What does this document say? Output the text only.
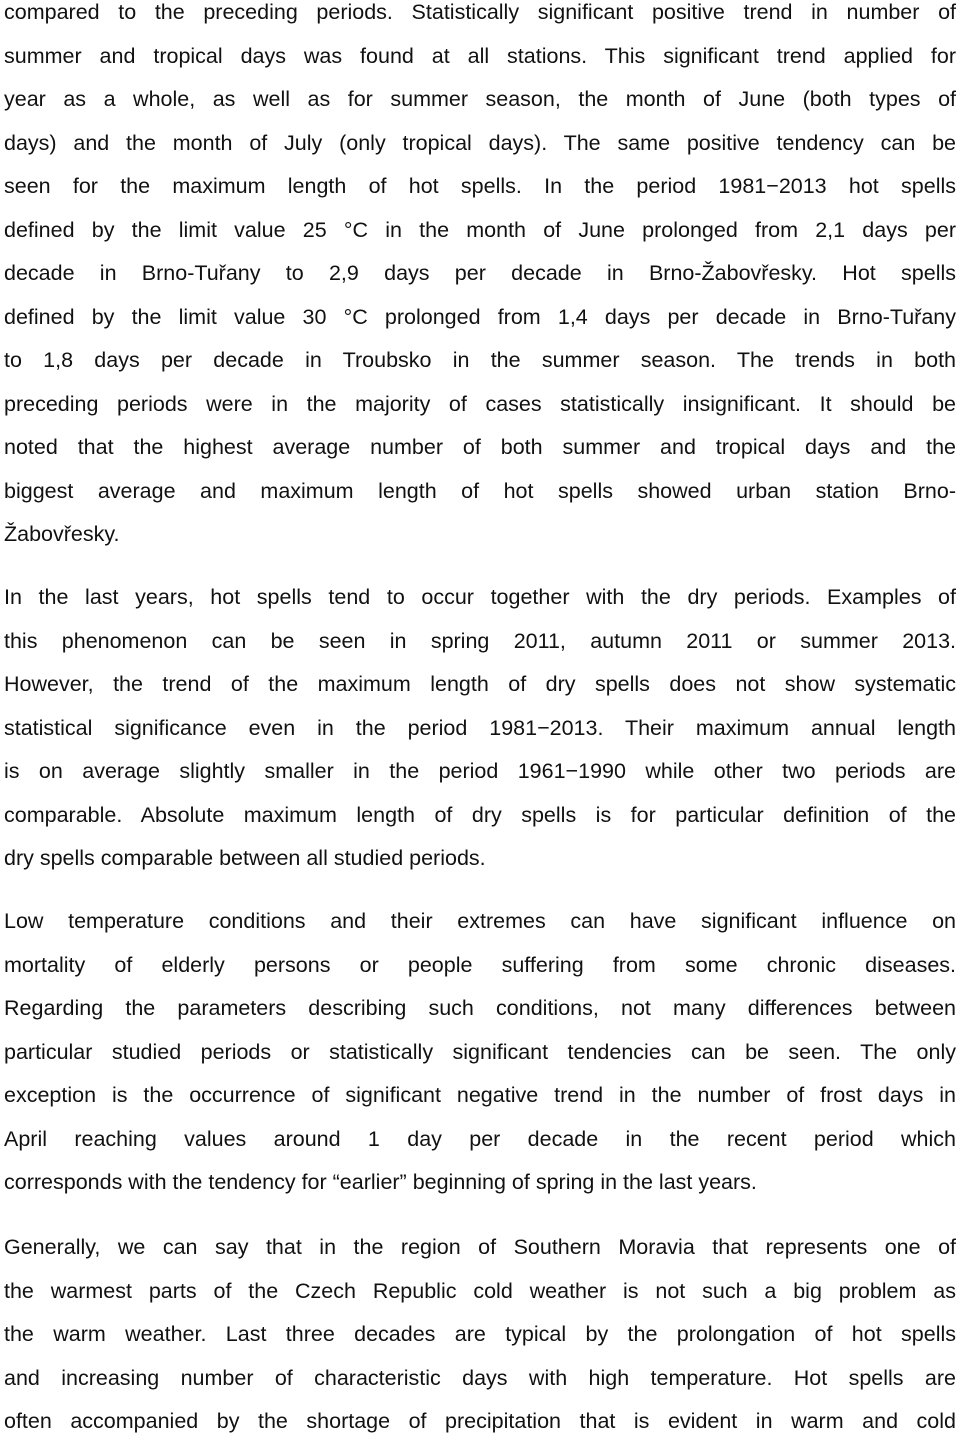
compared to the preceding periods. Statistically significant positive trend in number of
summer and tropical days was found at all stations. This significant trend applied for
year as a whole, as well as for summer season, the month of June (both types of
days) and the month of July (only tropical days). The same positive tendency can be
seen for the maximum length of hot spells. In the period 1981−2013 hot spells
defined by the limit value 25 °C in the month of June prolonged from 2,1 days per
decade in Brno-Tuřany to 2,9 days per decade in Brno-Žabovřesky. Hot spells
defined by the limit value 30 °C prolonged from 1,4 days per decade in Brno-Tuřany
to 1,8 days per decade in Troubsko in the summer season. The trends in both
preceding periods were in the majority of cases statistically insignificant. It should be
noted that the highest average number of both summer and tropical days and the
biggest average and maximum length of hot spells showed urban station Brno-
Žabovřesky.
In the last years, hot spells tend to occur together with the dry periods. Examples of
this phenomenon can be seen in spring 2011, autumn 2011 or summer 2013.
However, the trend of the maximum length of dry spells does not show systematic
statistical significance even in the period 1981−2013. Their maximum annual length
is on average slightly smaller in the period 1961−1990 while other two periods are
comparable. Absolute maximum length of dry spells is for particular definition of the
dry spells comparable between all studied periods.
Low temperature conditions and their extremes can have significant influence on
mortality of elderly persons or people suffering from some chronic diseases.
Regarding the parameters describing such conditions, not many differences between
particular studied periods or statistically significant tendencies can be seen. The only
exception is the occurrence of significant negative trend in the number of frost days in
April reaching values around 1 day per decade in the recent period which
corresponds with the tendency for “earlier” beginning of spring in the last years.
Generally, we can say that in the region of Southern Moravia that represents one of
the warmest parts of the Czech Republic cold weather is not such a big problem as
the warm weather. Last three decades are typical by the prolongation of hot spells
and increasing number of characteristic days with high temperature. Hot spells are
often accompanied by the shortage of precipitation that is evident in warm and cold
